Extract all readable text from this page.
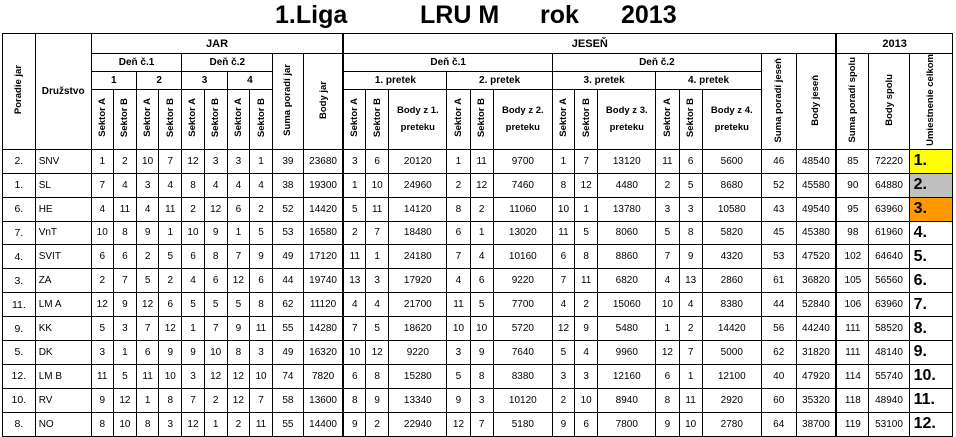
1.Liga	LRU M rok 2013
Poradie jar	Družstvo	JAR										JESEŇ														2013		
		Deň č.1				Deň č.2				Suma poradí jar	Body jar	Deň č.1						Deň č.2						Suma poradí jeseň	Body jeseň	Suma poradí spolu	Body spolu	Umiestnenie celkom
		1		2		3		4				1. pretek			2. pretek			3. pretek			4. pretek							
		Sektor A	Sektor B	Sektor A	Sektor B	Sektor A	Sektor B	Sektor A	Sektor B			Sektor A	Sektor B	Body z 1. preteku	Sektor A	Sektor B	Body z 2. preteku	Sektor A	Sektor B	Body z 3. preteku	Sektor A	Sektor B	Body z 4. preteku					
2.	SNV	1	2	10	7	12	3	3	1	39	23680	3	6	20120	1	11	9700	1	7	13120	11	6	5600	46	48540	85	72220	1.
1.	SL	7	4	3	4	8	4	4	4	38	19300	1	10	24960	2	12	7460	8	12	4480	2	5	8680	52	45580	90	64880	2.
6.	HE	4	11	4	11	2	12	6	2	52	14420	5	11	14120	8	2	11060	10	1	13780	3	3	10580	43	49540	95	63960	3.
7.	VnT	10	8	9	1	10	9	1	5	53	16580	2	7	18480	6	1	13020	11	5	8060	5	8	5820	45	45380	98	61960	4.
4.	SVIT	6	6	2	5	6	8	7	9	49	17120	11	1	24180	7	4	10160	6	8	8860	7	9	4320	53	47520	102	64640	5.
3.	ZA	2	7	5	2	4	6	12	6	44	19740	13	3	17920	4	6	9220	7	11	6820	4	13	2860	61	36820	105	56560	6.
11.	LM A	12	9	12	6	5	5	5	8	62	11120	4	4	21700	11	5	7700	4	2	15060	10	4	8380	44	52840	106	63960	7.
9.	KK	5	3	7	12	1	7	9	11	55	14280	7	5	18620	10	10	5720	12	9	5480	1	2	14420	56	44240	111	58520	8.
5.	DK	3	1	6	9	9	10	8	3	49	16320	10	12	9220	3	9	7640	5	4	9960	12	7	5000	62	31820	111	48140	9.
12.	LM B	11	5	11	10	3	12	12	10	74	7820	6	8	15280	5	8	8380	3	3	12160	6	1	12100	40	47920	114	55740	10.
10.	RV	9	12	1	8	7	2	12	7	58	13600	8	9	13340	9	3	10120	2	10	8940	8	11	2920	60	35320	118	48940	11.
8.	NO	8	10	8	3	12	1	2	11	55	14400	9	2	22940	12	7	5180	9	6	7800	9	10	2780	64	38700	119	53100	12.
